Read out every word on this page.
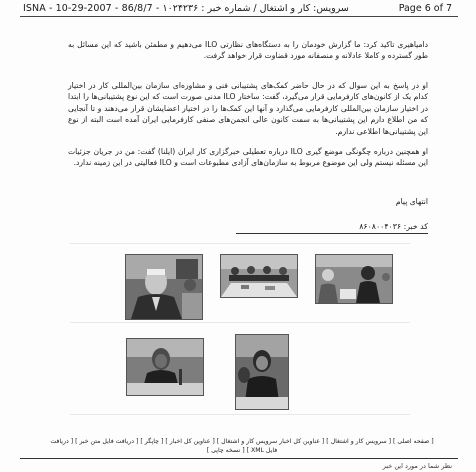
ISNA - 10-29-2007 - 86/8/7 - ۱۰۲۴۲۳۶ : سرویس: کار و اشتغال / شماره خبر	Page 6 of 7
دامیاهیری تاکید کرد: ما گزارش خودمان را به دستگاه‌های نظارتی ILO می‌دهیم و مطمئن باشید که این مسائل به طور گسترده و کاملا عادلانه و منصفانه مورد قضاوت قرار خواهد گرفت.
او در پاسخ به این سوال که در حال حاضر کمک‌های پشتیبانی فنی و مشاوره‌ای سازمان بین‌المللی کار در اختیار کدام یک از کانون‌های کارفرمایی قرار می‌گیرد، گفت: ساختار ILO مدنی صورت است که این نوع پشتیبانی‌ها را ابتدا در اختیار سازمان بین‌المللی کارفرمایی می‌گذارد و آنها این کمک‌ها را در اختیار اعضایشان قرار می‌دهند و تا آنجایی که من اطلاع دارم این پشتیبانی‌ها به سمت کانون عالی انجمن‌های صنفی کارفرمایی ایران آمده است البته از نوع این پشتیبانی‌ها اطلاعی ندارم.
او همچنین درباره چگونگی موضع گیری ILO درباره تعطیلی خبرگزاری کار ایران (ایلنا) گفت: من در جریان جزئیات این مسئله نیستم ولی این موضوع مربوط به سازمان‌های آزادی مطبوعات است و ILO فعالیتی در این زمینه ندارد.
انتهای پیام
کد خبر: ۸۶۰۸۰۰۴۰۳۶
[ صفحه اصلی ] [ سرویس کار و اشتغال ] [ عناوین کل اخبار سرویس کار و اشتغال ] [ عناوین کل اخبار ] [ چاپگر ] [ دریافت فایل متن خبر ] [ دریافت
فایل XML ] [ نسخه چاپی ]
نظر شما در مورد این خبر
